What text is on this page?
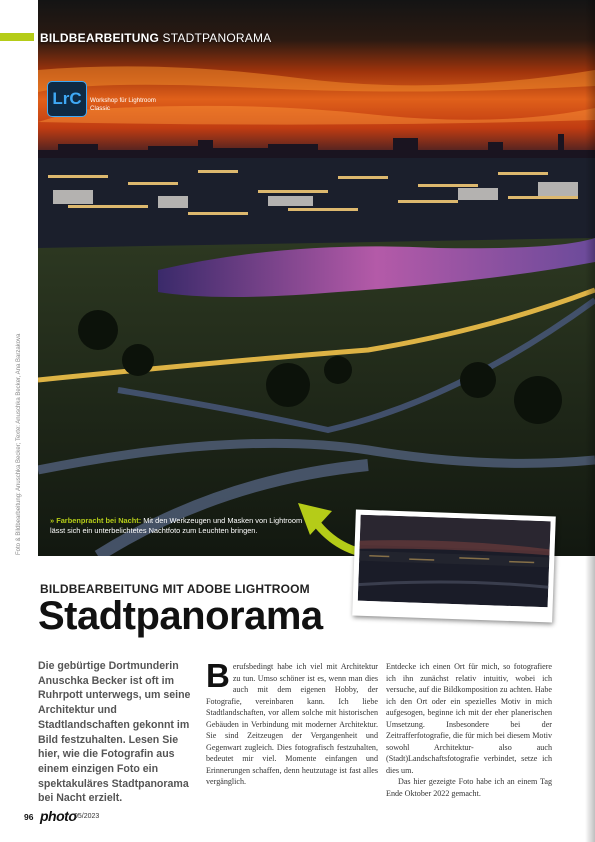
BILDBEARBEITUNG STADTPANORAMA
LrC	Workshop für Lightroom Classic
Foto & Bildbearbeitung: Anuschka Becker; Texte: Anuschka Becker, Ana Barzakova	» Farbenpracht bei Nacht: Mit den Werkzeugen und Masken von Lightroom lässt sich ein unterbelichtetes Nachtfoto zum Leuchten bringen.
BILDBEARBEITUNG MIT ADOBE LIGHTROOM
Stadtpanorama
Die gebürtige Dortmunderin Anuschka Becker ist oft im Ruhrpott unterwegs, um seine Architektur und Stadtlandschaften gekonnt im Bild festzuhalten. Lesen Sie hier, wie die Fotografin aus einem einzigen Foto ein spektakuläres Stadtpanorama bei Nacht erzielt.

Berufsbedingt habe ich viel mit Architektur zu tun. Umso schöner ist es, wenn man dies auch mit dem eigenen Hobby, der Fotografie, vereinbaren kann. Ich liebe Stadtlandschaften, vor allem solche mit historischen Gebäuden in Verbindung mit moderner Architektur. Sie sind Zeitzeugen der Vergangenheit und Gegenwart zugleich. Dies fotografisch festzuhalten, bedeutet mir viel. Momente einfangen und Erinnerungen schaffen, denn heutzutage ist fast alles vergänglich.

Entdecke ich einen Ort für mich, so fotografiere ich ihn zunächst relativ intuitiv, wobei ich versuche, auf die Bildkomposition zu achten. Habe ich den Ort oder ein spezielles Motiv in mich aufgesogen, beginne ich mit der eher planerischen Umsetzung. Insbesondere bei der Zeitrafferfotografie, die für mich bei diesem Motiv sowohl Architektur- also auch (Stadt)Landschaftsfotografie verbindet, setze ich dies um.

Das hier gezeigte Foto habe ich an einem Tag Ende Oktober 2022 gemacht.

96 photo
05/2023
